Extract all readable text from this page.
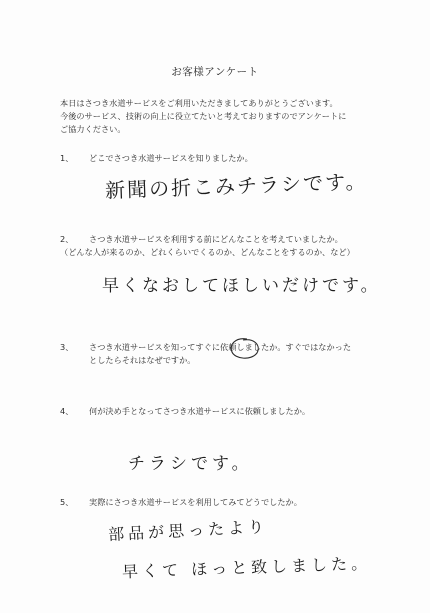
お客様アンケート
本日はさつき水道サービスをご利用いただきましてありがとうございます。
今後のサービス、技術の向上に役立てたいと考えておりますのでアンケートに
ご協力ください。
1、 どこでさつき水道サービスを知りましたか。
新聞の折こみチラシです。
2、 さつき水道サービスを利用する前にどんなことを考えていましたか。
（どんな人が来るのか、どれくらいでくるのか、どんなことをするのか、など）
早くなおしてほしいだけです。
3、 さつき水道サービスを知ってすぐに依頼しましたか。すぐではなかった
としたらそれはなぜですか。
4、 何が決め手となってさつき水道サービスに依頼しましたか。
チラシです。
5、 実際にさつき水道サービスを利用してみてどうでしたか。
部品が思ったより
早くて ほっと致しました。
